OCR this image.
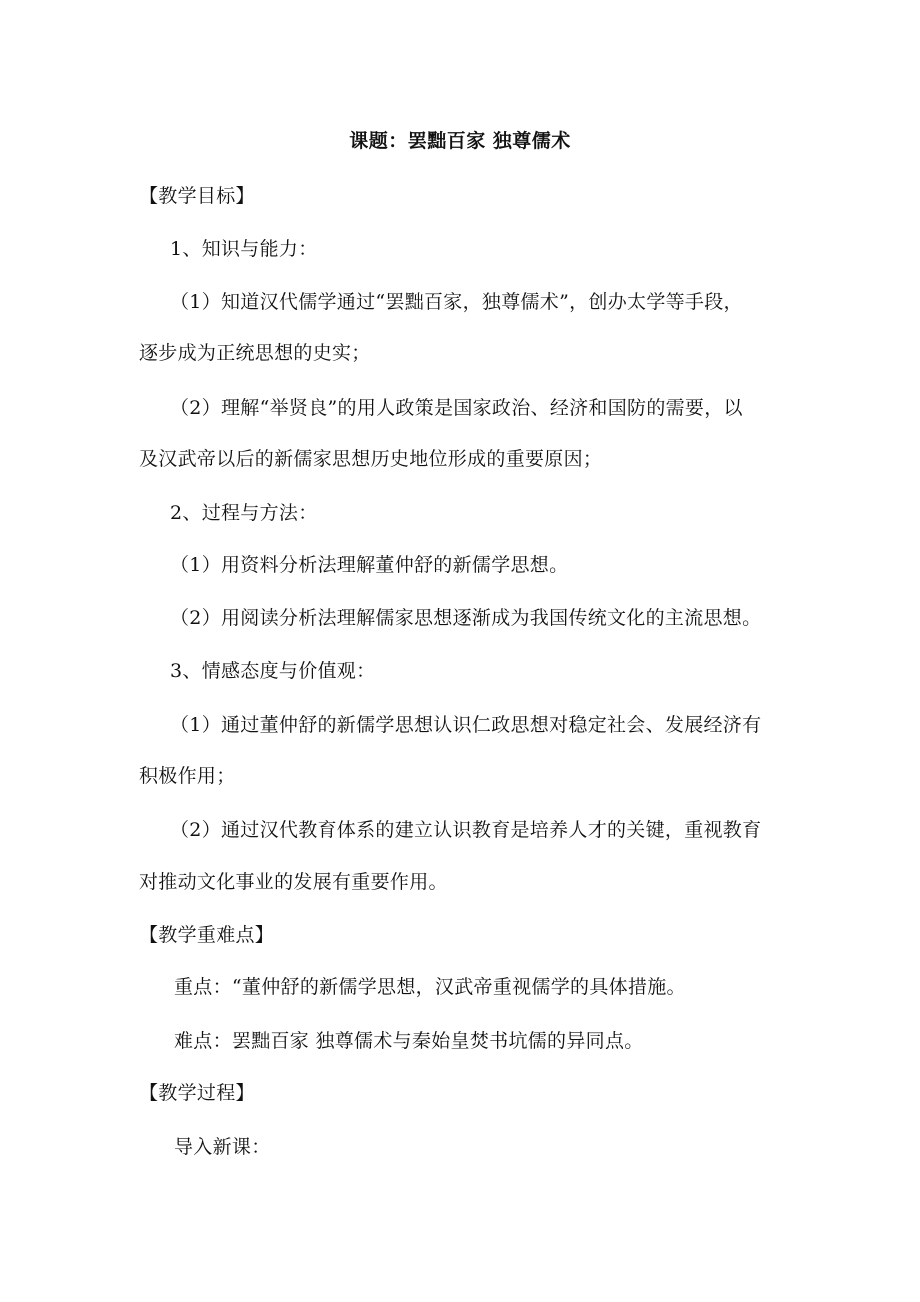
课题：罢黜百家 独尊儒术
【教学目标】
1、知识与能力：
（1）知道汉代儒学通过“罢黜百家，独尊儒术”，创办太学等手段，
逐步成为正统思想的史实；
（2）理解“举贤良”的用人政策是国家政治、经济和国防的需要，以
及汉武帝以后的新儒家思想历史地位形成的重要原因；
2、过程与方法：
（1）用资料分析法理解董仲舒的新儒学思想。
（2）用阅读分析法理解儒家思想逐渐成为我国传统文化的主流思想。
3、情感态度与价值观：
（1）通过董仲舒的新儒学思想认识仁政思想对稳定社会、发展经济有
积极作用；
（2）通过汉代教育体系的建立认识教育是培养人才的关键，重视教育
对推动文化事业的发展有重要作用。
【教学重难点】
重点：“董仲舒的新儒学思想，汉武帝重视儒学的具体措施。
难点：罢黜百家 独尊儒术与秦始皇焚书坑儒的异同点。
【教学过程】
导入新课：
